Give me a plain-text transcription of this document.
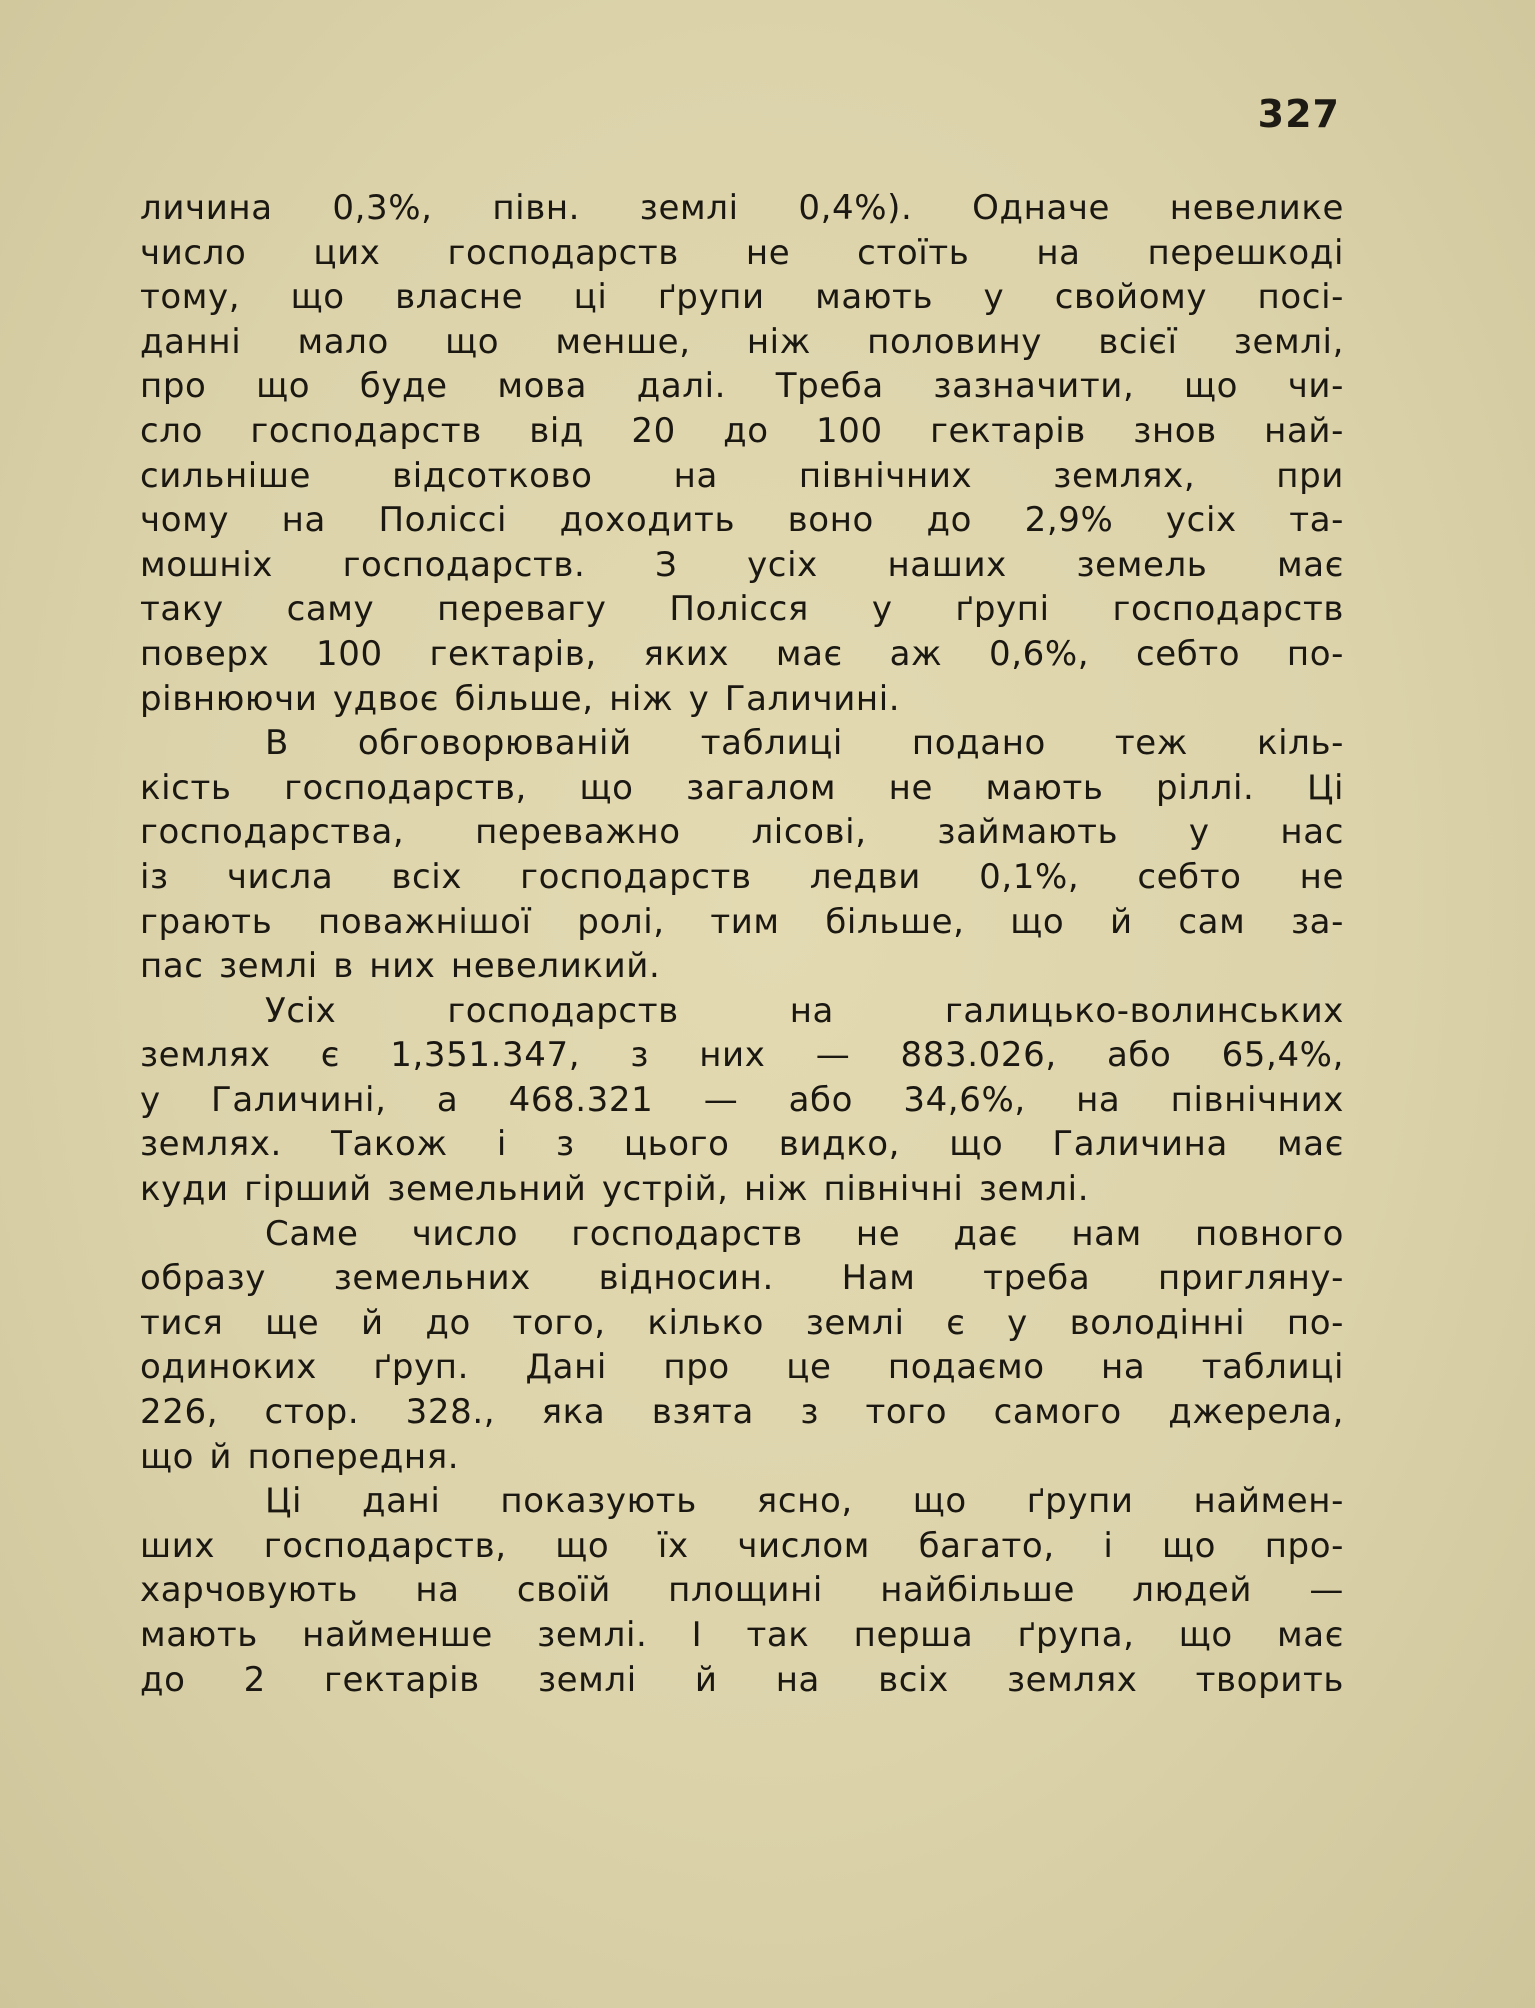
327
личина 0,3%, півн. землі 0,4%). Одначе невелике
число цих господарств не стоїть на перешкоді
тому, що власне ці ґрупи мають у свойому посі-
данні мало що менше, ніж половину всієї землі,
про що буде мова далі. Треба зазначити, що чи-
сло господарств від 20 до 100 гектарів знов най-
сильніше відсотково на північних землях, при
чому на Поліссі доходить воно до 2,9% усіх та-
мошніх господарств. З усіх наших земель має
таку саму перевагу Полісся у ґрупі господарств
поверх 100 гектарів, яких має аж 0,6%, себто по-
рівнюючи удвоє більше, ніж у Галичині.
В обговорюваній таблиці подано теж кіль-
кість господарств, що загалом не мають ріллі. Ці
господарства, переважно лісові, займають у нас
із числа всіх господарств ледви 0,1%, себто не
грають поважнішої ролі, тим більше, що й сам за-
пас землі в них невеликий.
Усіх господарств на галицько-волинських
землях є 1,351.347, з них — 883.026, або 65,4%,
у Галичині, а 468.321 — або 34,6%, на північних
землях. Також і з цього видко, що Галичина має
куди гірший земельний устрій, ніж північні землі.
Саме число господарств не дає нам повного
образу земельних відносин. Нам треба пригляну-
тися ще й до того, кілько землі є у володінні по-
одиноких ґруп. Дані про це подаємо на таблиці
226, стор. 328., яка взята з того самого джерела,
що й попередня.
Ці дані показують ясно, що ґрупи наймен-
ших господарств, що їх числом багато, і що про-
харчовують на своїй площині найбільше людей —
мають найменше землі. І так перша ґрупа, що має
до 2 гектарів землі й на всіх землях творить
